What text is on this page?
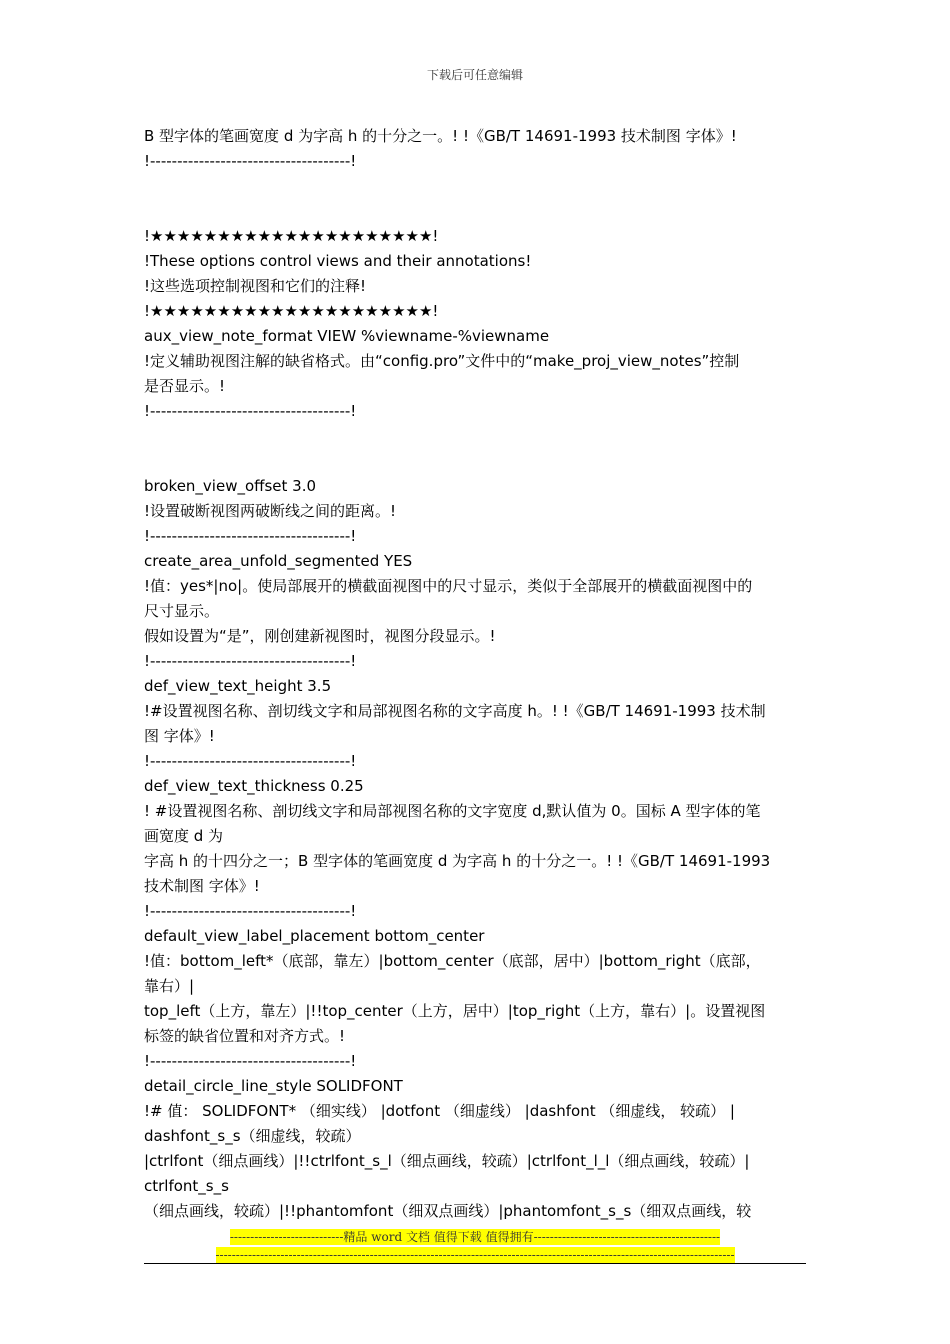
下载后可任意编辑

B 型字体的笔画宽度 d 为字高 h 的十分之一。! !《GB/T 14691-1993 技术制图 字体》!

!-------------------------------------!

!★★★★★★★★★★★★★★★★★★★★★!

!These options control views and their annotations!

!这些选项控制视图和它们的注释!

!★★★★★★★★★★★★★★★★★★★★★!

aux_view_note_format VIEW %viewname-%viewname

!定义辅助视图注解的缺省格式。由“config.pro”文件中的“make_proj_view_notes”控制

是否显示。!

!-------------------------------------!

broken_view_offset 3.0

!设置破断视图两破断线之间的距离。!

!-------------------------------------!

create_area_unfold_segmented YES

!值：yes*|no|。使局部展开的横截面视图中的尺寸显示，类似于全部展开的横截面视图中的

尺寸显示。

假如设置为“是”，刚创建新视图时，视图分段显示。!

!-------------------------------------!

def_view_text_height 3.5

!#设置视图名称、剖切线文字和局部视图名称的文字高度 h。! !《GB/T 14691-1993 技术制

图 字体》!

!-------------------------------------!

def_view_text_thickness 0.25

! #设置视图名称、剖切线文字和局部视图名称的文字宽度 d,默认值为 0。国标 A 型字体的笔

画宽度 d 为

字高 h 的十四分之一；B 型字体的笔画宽度 d 为字高 h 的十分之一。! !《GB/T 14691-1993

技术制图 字体》!

!-------------------------------------!

default_view_label_placement bottom_center

!值：bottom_left*（底部，靠左）|bottom_center（底部，居中）|bottom_right（底部，

靠右）|

top_left（上方，靠左）|!!top_center（上方，居中）|top_right（上方，靠右）|。设置视图

标签的缺省位置和对齐方式。!

!-------------------------------------!

detail_circle_line_style SOLIDFONT

!# 值： SOLIDFONT* （细实线） |dotfont （细虚线） |dashfont （细虚线， 较疏） |

dashfont_s_s（细虚线，较疏）

|ctrlfont（细点画线）|!!ctrlfont_s_l（细点画线，较疏）|ctrlfont_l_l（细点画线，较疏）|

ctrlfont_s_s

（细点画线，较疏）|!!phantomfont（细双点画线）|phantomfont_s_s（细双点画线，较

----------------------------精品 word 文档 值得下载 值得拥有----------------------------------------------
--------------------------------------------------------------------------------------------------------------------------------
